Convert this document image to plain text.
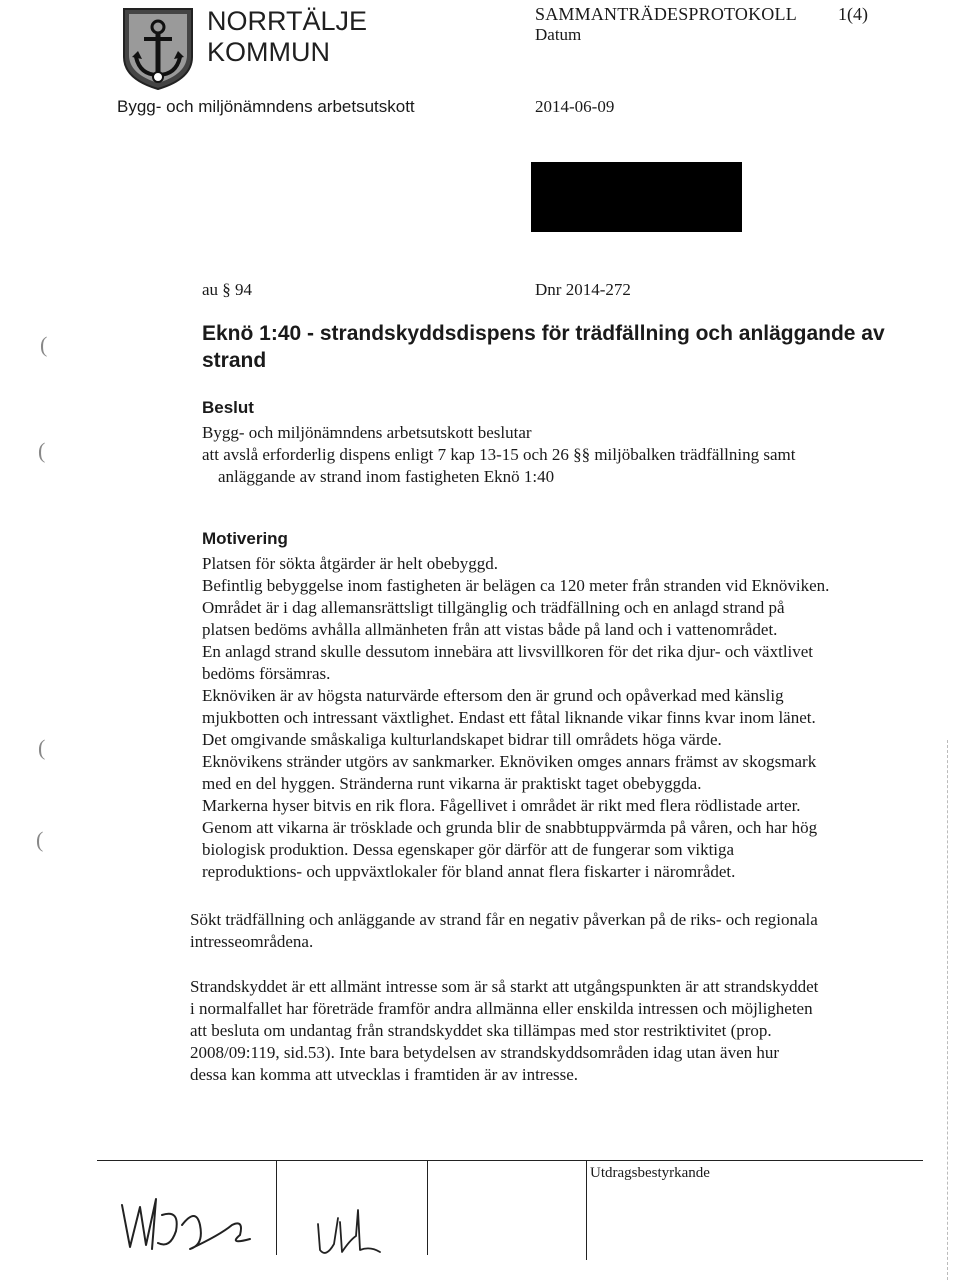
NORRTÄLJE
KOMMUN
Bygg- och miljönämndens arbetsutskott
SAMMANTRÄDESPROTOKOLL 1(4)
Datum
2014-06-09
au § 94	Dnr 2014-272
Eknö 1:40 - strandskyddsdispens för trädfällning och anläggande av strand
Beslut
Bygg- och miljönämndens arbetsutskott beslutar
att avslå erforderlig dispens enligt 7 kap 13-15 och 26 §§ miljöbalken trädfällning samt
anläggande av strand inom fastigheten Eknö 1:40
Motivering
Platsen för sökta åtgärder är helt obebyggd.
Befintlig bebyggelse inom fastigheten är belägen ca 120 meter från stranden vid Eknöviken.
Området är i dag allemansrättsligt tillgänglig och trädfällning och en anlagd strand på
platsen bedöms avhålla allmänheten från att vistas både på land och i vattenområdet.
En anlagd strand skulle dessutom innebära att livsvillkoren för det rika djur- och växtlivet
bedöms försämras.
Eknöviken är av högsta naturvärde eftersom den är grund och opåverkad med känslig
mjukbotten och intressant växtlighet. Endast ett fåtal liknande vikar finns kvar inom länet.
Det omgivande småskaliga kulturlandskapet bidrar till områdets höga värde.
Eknövikens stränder utgörs av sankmarker. Eknöviken omges annars främst av skogsmark
med en del hyggen. Stränderna runt vikarna är praktiskt taget obebyggda.
Markerna hyser bitvis en rik flora. Fågellivet i området är rikt med flera rödlistade arter.
Genom att vikarna är trösklade och grunda blir de snabbtuppvärmda på våren, och har hög
biologisk produktion. Dessa egenskaper gör därför att de fungerar som viktiga
reproduktions- och uppväxtlokaler för bland annat flera fiskarter i närområdet.
Sökt trädfällning och anläggande av strand får en negativ påverkan på de riks- och regionala
intresseområdena.
Strandskyddet är ett allmänt intresse som är så starkt att utgångspunkten är att strandskyddet
i normalfallet har företräde framför andra allmänna eller enskilda intressen och möjligheten
att besluta om undantag från strandskyddet ska tillämpas med stor restriktivitet (prop.
2008/09:119, sid.53). Inte bara betydelsen av strandskyddsområden idag utan även hur
dessa kan komma att utvecklas i framtiden är av intresse.
(
(
(
(
Utdragsbestyrkande
